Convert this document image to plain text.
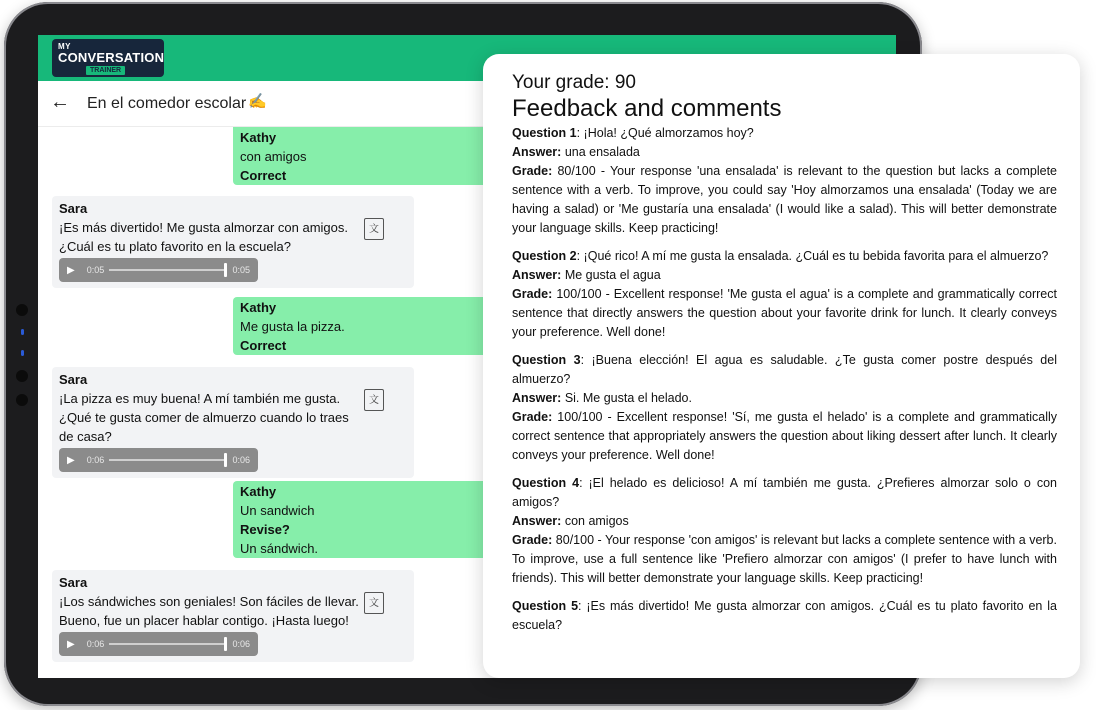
MY
CONVERSATION
TRAINER
← En el comedor escolar ✍
Kathy
con amigos
Correct
Sara
¡Es más divertido! Me gusta almorzar con amigos. ¿Cuál es tu plato favorito en la escuela?
文
▶ 0:05	0:05
Kathy
Me gusta la pizza.
Correct
Sara
¡La pizza es muy buena! A mí también me gusta. ¿Qué te gusta comer de almuerzo cuando lo traes de casa?
文
▶ 0:06	0:06
Kathy
Un sandwich
Revise?
Un sándwich.
Sara
¡Los sándwiches son geniales! Son fáciles de llevar. Bueno, fue un placer hablar contigo. ¡Hasta luego!
文
▶ 0:06	0:06
Your grade: 90
Feedback and comments
Question 1: ¡Hola! ¿Qué almorzamos hoy?
Answer: una ensalada
Grade: 80/100 - Your response 'una ensalada' is relevant to the question but lacks a complete sentence with a verb. To improve, you could say 'Hoy almorzamos una ensalada' (Today we are having a salad) or 'Me gustaría una ensalada' (I would like a salad). This will better demonstrate your language skills. Keep practicing!
Question 2: ¡Qué rico! A mí me gusta la ensalada. ¿Cuál es tu bebida favorita para el almuerzo?
Answer: Me gusta el agua
Grade: 100/100 - Excellent response! 'Me gusta el agua' is a complete and grammatically correct sentence that directly answers the question about your favorite drink for lunch. It clearly conveys your preference. Well done!
Question 3: ¡Buena elección! El agua es saludable. ¿Te gusta comer postre después del almuerzo?
Answer: Si. Me gusta el helado.
Grade: 100/100 - Excellent response! 'Sí, me gusta el helado' is a complete and grammatically correct sentence that appropriately answers the question about liking dessert after lunch. It clearly conveys your preference. Well done!
Question 4: ¡El helado es delicioso! A mí también me gusta. ¿Prefieres almorzar solo o con amigos?
Answer: con amigos
Grade: 80/100 - Your response 'con amigos' is relevant but lacks a complete sentence with a verb. To improve, use a full sentence like 'Prefiero almorzar con amigos' (I prefer to have lunch with friends). This will better demonstrate your language skills. Keep practicing!
Question 5: ¡Es más divertido! Me gusta almorzar con amigos. ¿Cuál es tu plato favorito en la escuela?
